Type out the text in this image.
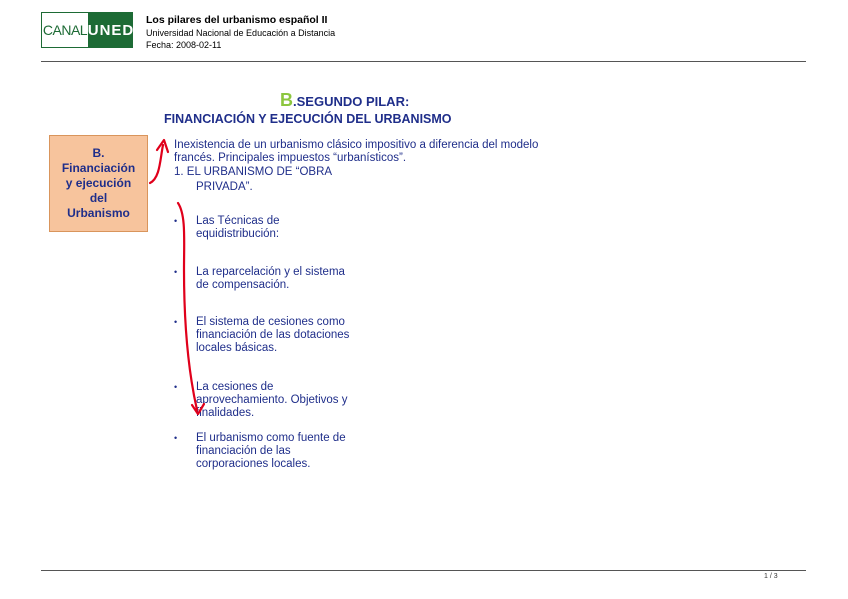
CANAL UNED
Los pilares del urbanismo español II
Universidad Nacional de Educación a Distancia
Fecha: 2008-02-11
B.SEGUNDO PILAR:
FINANCIACIÓN Y EJECUCIÓN DEL URBANISMO
B.
Financiación
y ejecución
del
Urbanismo
Inexistencia de un urbanismo clásico impositivo a diferencia del modelo
francés. Principales impuestos “urbanísticos”.
1. EL URBANISMO DE “OBRA
PRIVADA”.
• Las Técnicas de
equidistribución:
• La reparcelación y el sistema
de compensación.
• El sistema de cesiones como
financiación de las dotaciones
locales básicas.
• La cesiones de
aprovechamiento. Objetivos y
finalidades.
• El urbanismo como fuente de
financiación de las
corporaciones locales.
1 / 3
